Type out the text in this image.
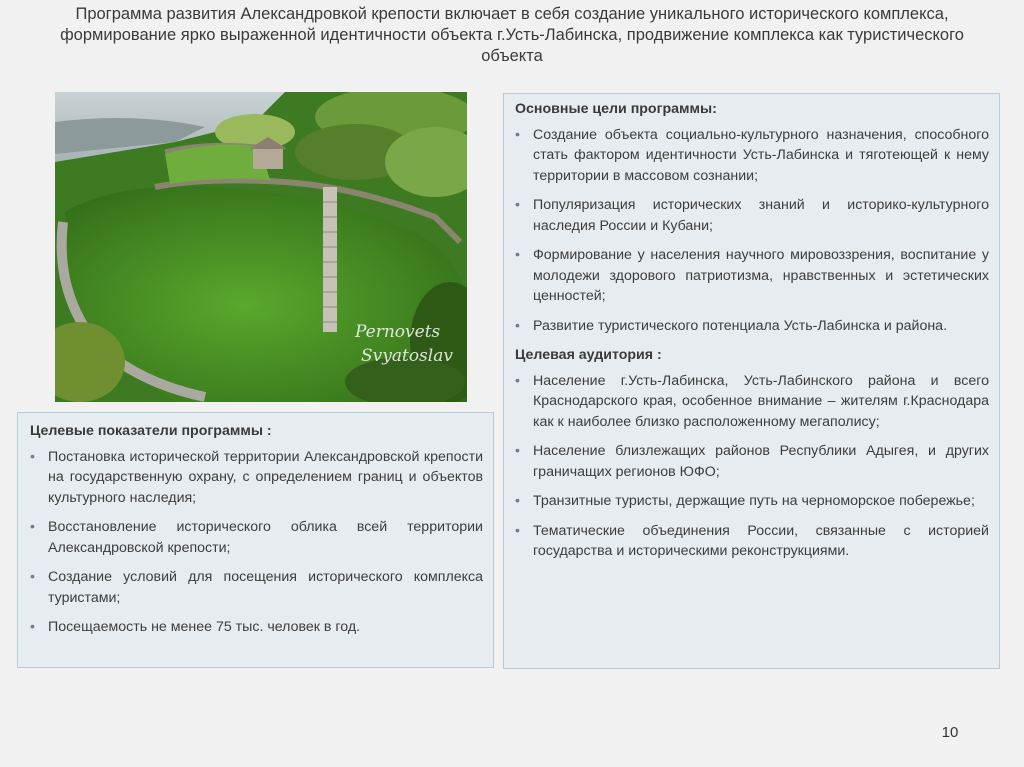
Программа развития Александровкой крепости включает в себя создание уникального исторического комплекса, формирование ярко выраженной идентичности объекта г.Усть-Лабинска, продвижение комплекса как туристического объекта
Pernovets
Svyatoslav
Целевые показатели программы :
• Постановка исторической территории Александровской крепости на государственную охрану, с определением границ и объектов культурного наследия;
• Восстановление исторического облика всей территории Александровской крепости;
• Создание условий для посещения исторического комплекса туристами;
• Посещаемость не менее 75 тыс. человек в год.
Основные цели программы:
• Создание объекта социально-культурного назначения, способного стать фактором идентичности Усть-Лабинска и тяготеющей к нему территории в массовом сознании;
• Популяризация исторических знаний и историко-культурного наследия России и Кубани;
• Формирование у населения научного мировоззрения, воспитание у молодежи здорового патриотизма, нравственных и эстетических ценностей;
• Развитие туристического потенциала Усть-Лабинска и района.
Целевая аудитория :
• Население г.Усть-Лабинска, Усть-Лабинского района и всего Краснодарского края, особенное внимание – жителям г.Краснодара как к наиболее близко расположенному мегаполису;
• Население близлежащих районов Республики Адыгея, и других граничащих регионов ЮФО;
• Транзитные туристы, держащие путь на черноморское побережье;
• Тематические объединения России, связанные с историей государства и историческими реконструкциями.
10
